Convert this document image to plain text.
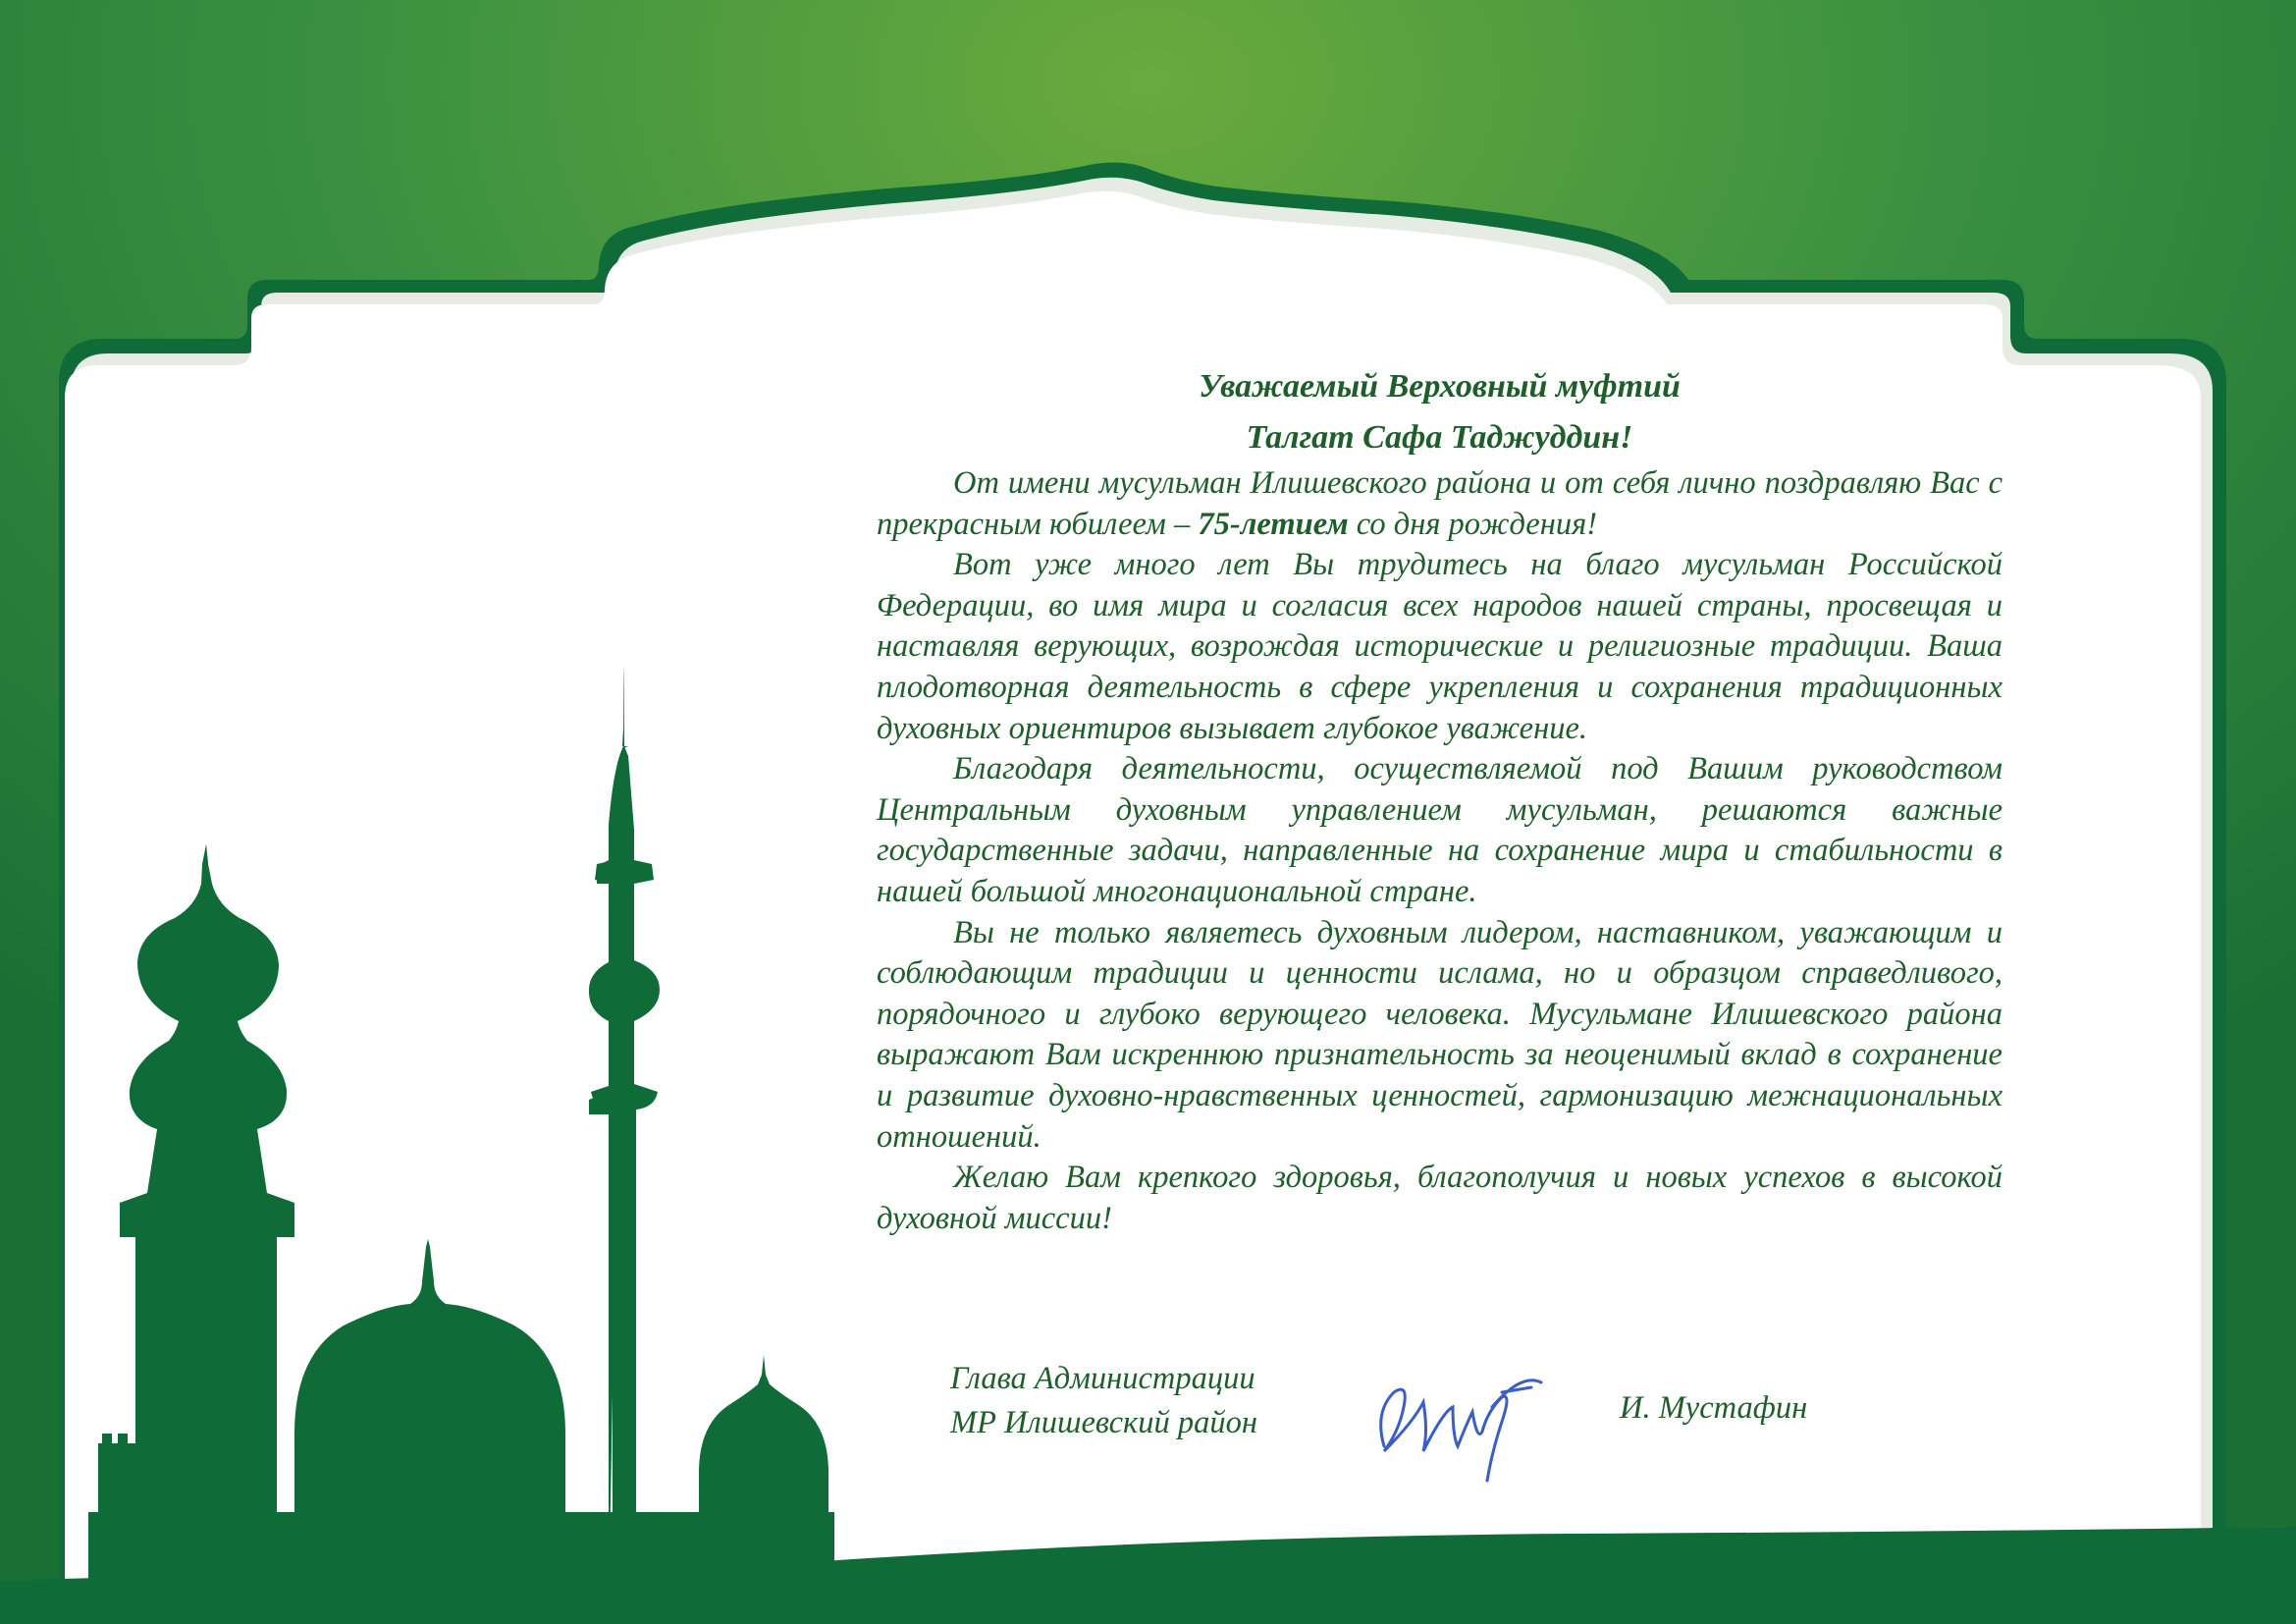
Уважаемый Верховный муфтий

Талгат Сафа Таджуддин!

От имени мусульман Илишевского района и от себя лично поздравляю Вас с прекрасным юбилеем – 75-летием со дня рождения!

Вот уже много лет Вы трудитесь на благо мусульман Российской Федерации, во имя мира и согласия всех народов нашей страны, просвещая и наставляя верующих, возрождая исторические и религиозные традиции. Ваша плодотворная деятельность в сфере укрепления и сохранения традиционных духовных ориентиров вызывает глубокое уважение.

Благодаря деятельности, осуществляемой под Вашим руководством Центральным духовным управлением мусульман, решаются важные государственные задачи, направленные на сохранение мира и стабильности в нашей большой многонациональной стране.

Вы не только являетесь духовным лидером, наставником, уважающим и соблюдающим традиции и ценности ислама, но и образцом справедливого, порядочного и глубоко верующего человека. Мусульмане Илишевского района выражают Вам искреннюю признательность за неоценимый вклад в сохранение и развитие духовно-нравственных ценностей, гармонизацию межнациональных отношений.

Желаю Вам крепкого здоровья, благополучия и новых успехов в высокой духовной миссии!

Глава Администрации
МР Илишевский район	И. Мустафин
